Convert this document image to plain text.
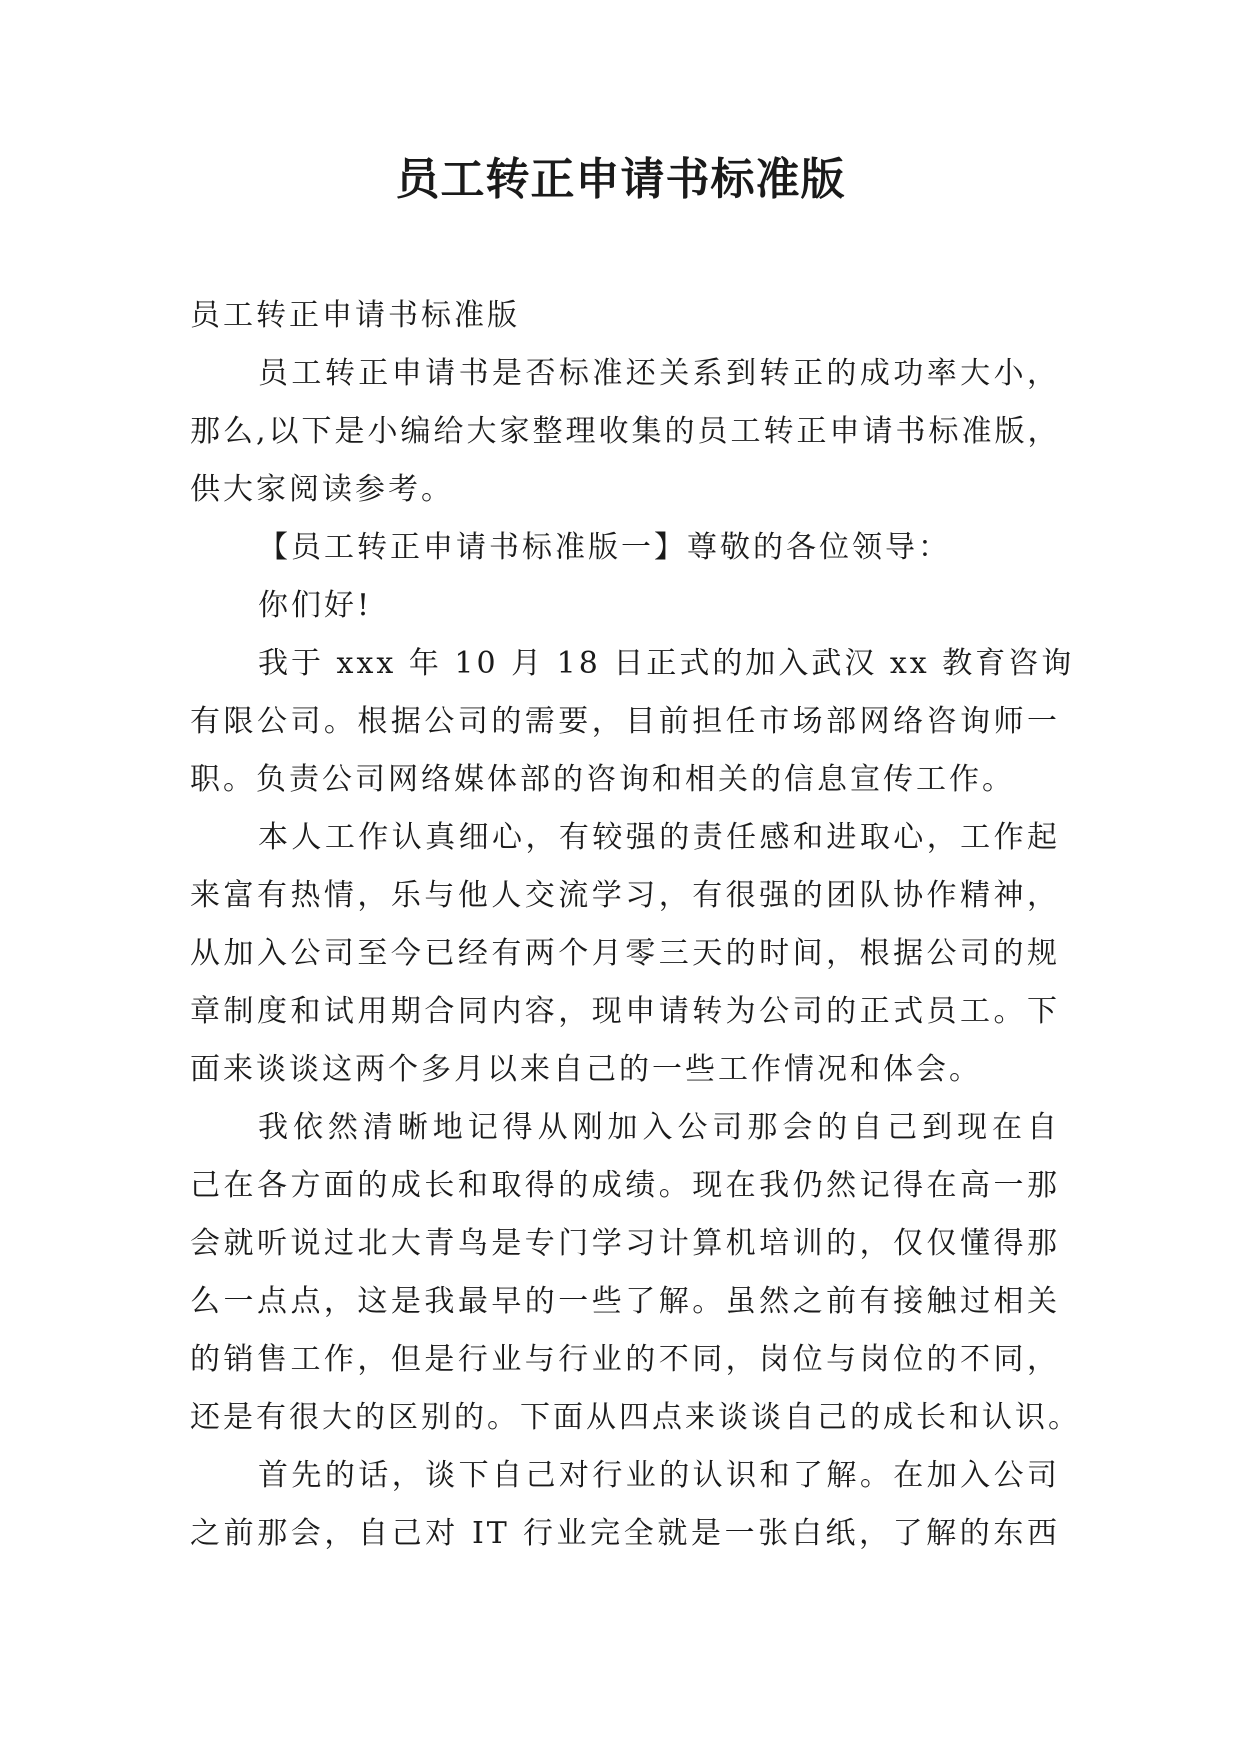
员工转正申请书标准版

员工转正申请书标准版

员工转正申请书是否标准还关系到转正的成功率大小，

那么,以下是小编给大家整理收集的员工转正申请书标准版，

供大家阅读参考。

【员工转正申请书标准版一】尊敬的各位领导：

你们好!

我于 xxx 年 10 月 18 日正式的加入武汉 xx 教育咨询

有限公司。根据公司的需要，目前担任市场部网络咨询师一

职。负责公司网络媒体部的咨询和相关的信息宣传工作。

本人工作认真细心，有较强的责任感和进取心，工作起

来富有热情，乐与他人交流学习，有很强的团队协作精神，

从加入公司至今已经有两个月零三天的时间，根据公司的规

章制度和试用期合同内容，现申请转为公司的正式员工。下

面来谈谈这两个多月以来自己的一些工作情况和体会。

我依然清晰地记得从刚加入公司那会的自己到现在自

己在各方面的成长和取得的成绩。现在我仍然记得在高一那

会就听说过北大青鸟是专门学习计算机培训的，仅仅懂得那

么一点点，这是我最早的一些了解。虽然之前有接触过相关

的销售工作，但是行业与行业的不同，岗位与岗位的不同，

还是有很大的区别的。下面从四点来谈谈自己的成长和认识。

首先的话，谈下自己对行业的认识和了解。在加入公司

之前那会，自己对 IT 行业完全就是一张白纸，了解的东西
